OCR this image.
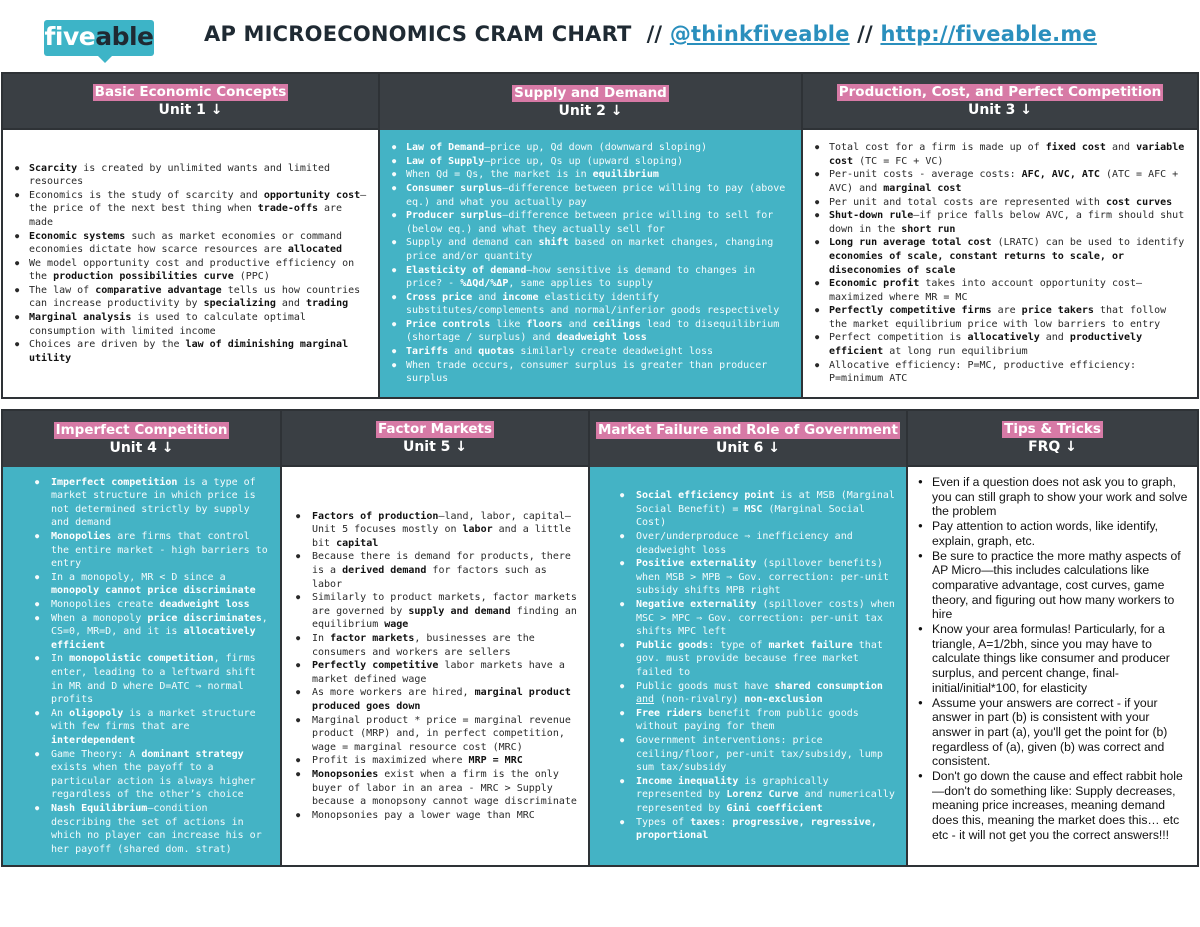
fiveable AP MICROECONOMICS CRAM CHART // @thinkfiveable // http://fiveable.me
Basic Economic Concepts
Unit 1 ↓
● Scarcity is created by unlimited wants and limited resources
● Economics is the study of scarcity and opportunity cost—the price of the next best thing when trade-offs are made
● Economic systems such as market economies or command economies dictate how scarce resources are allocated
● We model opportunity cost and productive efficiency on the production possibilities curve (PPC)
● The law of comparative advantage tells us how countries can increase productivity by specializing and trading
● Marginal analysis is used to calculate optimal consumption with limited income
● Choices are driven by the law of diminishing marginal utility
Supply and Demand
Unit 2 ↓
● Law of Demand—price up, Qd down (downward sloping)
● Law of Supply—price up, Qs up (upward sloping)
● When Qd = Qs, the market is in equilibrium
● Consumer surplus—difference between price willing to pay (above eq.) and what you actually pay
● Producer surplus—difference between price willing to sell for (below eq.) and what they actually sell for
● Supply and demand can shift based on market changes, changing price and/or quantity
● Elasticity of demand—how sensitive is demand to changes in price? - %ΔQd/%ΔP, same applies to supply
● Cross price and income elasticity identify substitutes/complements and normal/inferior goods respectively
● Price controls like floors and ceilings lead to disequilibrium (shortage / surplus) and deadweight loss
● Tariffs and quotas similarly create deadweight loss
● When trade occurs, consumer surplus is greater than producer surplus
Production, Cost, and Perfect Competition
Unit 3 ↓
● Total cost for a firm is made up of fixed cost and variable cost (TC = FC + VC)
● Per-unit costs - average costs: AFC, AVC, ATC (ATC = AFC + AVC) and marginal cost
● Per unit and total costs are represented with cost curves
● Shut-down rule—if price falls below AVC, a firm should shut down in the short run
● Long run average total cost (LRATC) can be used to identify economies of scale, constant returns to scale, or diseconomies of scale
● Economic profit takes into account opportunity cost—maximized where MR = MC
● Perfectly competitive firms are price takers that follow the market equilibrium price with low barriers to entry
● Perfect competition is allocatively and productively efficient at long run equilibrium
● Allocative efficiency: P=MC, productive efficiency: P=minimum ATC
Imperfect Competition
Unit 4 ↓
● Imperfect competition is a type of market structure in which price is not determined strictly by supply and demand
● Monopolies are firms that control the entire market - high barriers to entry
● In a monopoly, MR < D since a monopoly cannot price discriminate
● Monopolies create deadweight loss
● When a monopoly price discriminates, CS=0, MR=D, and it is allocatively efficient
● In monopolistic competition, firms enter, leading to a leftward shift in MR and D where D=ATC ⇒ normal profits
● An oligopoly is a market structure with few firms that are interdependent
● Game Theory: A dominant strategy exists when the payoff to a particular action is always higher regardless of the other’s choice
● Nash Equilibrium—condition describing the set of actions in which no player can increase his or her payoff (shared dom. strat)
Factor Markets
Unit 5 ↓
● Factors of production—land, labor, capital—Unit 5 focuses mostly on labor and a little bit capital
● Because there is demand for products, there is a derived demand for factors such as labor
● Similarly to product markets, factor markets are governed by supply and demand finding an equilibrium wage
● In factor markets, businesses are the consumers and workers are sellers
● Perfectly competitive labor markets have a market defined wage
● As more workers are hired, marginal product produced goes down
● Marginal product * price = marginal revenue product (MRP) and, in perfect competition, wage = marginal resource cost (MRC)
● Profit is maximized where MRP = MRC
● Monopsonies exist when a firm is the only buyer of labor in an area - MRC > Supply because a monopsony cannot wage discriminate
● Monopsonies pay a lower wage than MRC
Market Failure and Role of Government
Unit 6 ↓
● Social efficiency point is at MSB (Marginal Social Benefit) = MSC (Marginal Social Cost)
● Over/underproduce ⇒ inefficiency and deadweight loss
● Positive externality (spillover benefits) when MSB > MPB ⇒ Gov. correction: per-unit subsidy shifts MPB right
● Negative externality (spillover costs) when MSC > MPC ⇒ Gov. correction: per-unit tax shifts MPC left
● Public goods: type of market failure that gov. must provide because free market failed to
● Public goods must have shared consumption and (non-rivalry) non-exclusion
● Free riders benefit from public goods without paying for them
● Government interventions: price ceiling/floor, per-unit tax/subsidy, lump sum tax/subsidy
● Income inequality is graphically represented by Lorenz Curve and numerically represented by Gini coefficient
● Types of taxes: progressive, regressive, proportional
Tips & Tricks
FRQ ↓
● Even if a question does not ask you to graph, you can still graph to show your work and solve the problem
● Pay attention to action words, like identify, explain, graph, etc.
● Be sure to practice the more mathy aspects of AP Micro—this includes calculations like comparative advantage, cost curves, game theory, and figuring out how many workers to hire
● Know your area formulas! Particularly, for a triangle, A=1/2bh, since you may have to calculate things like consumer and producer surplus, and percent change, final-initial/initial*100, for elasticity
● Assume your answers are correct - if your answer in part (b) is consistent with your answer in part (a), you'll get the point for (b) regardless of (a), given (b) was correct and consistent.
● Don't go down the cause and effect rabbit hole—don't do something like: Supply decreases, meaning price increases, meaning demand does this, meaning the market does this… etc etc - it will not get you the correct answers!!!
